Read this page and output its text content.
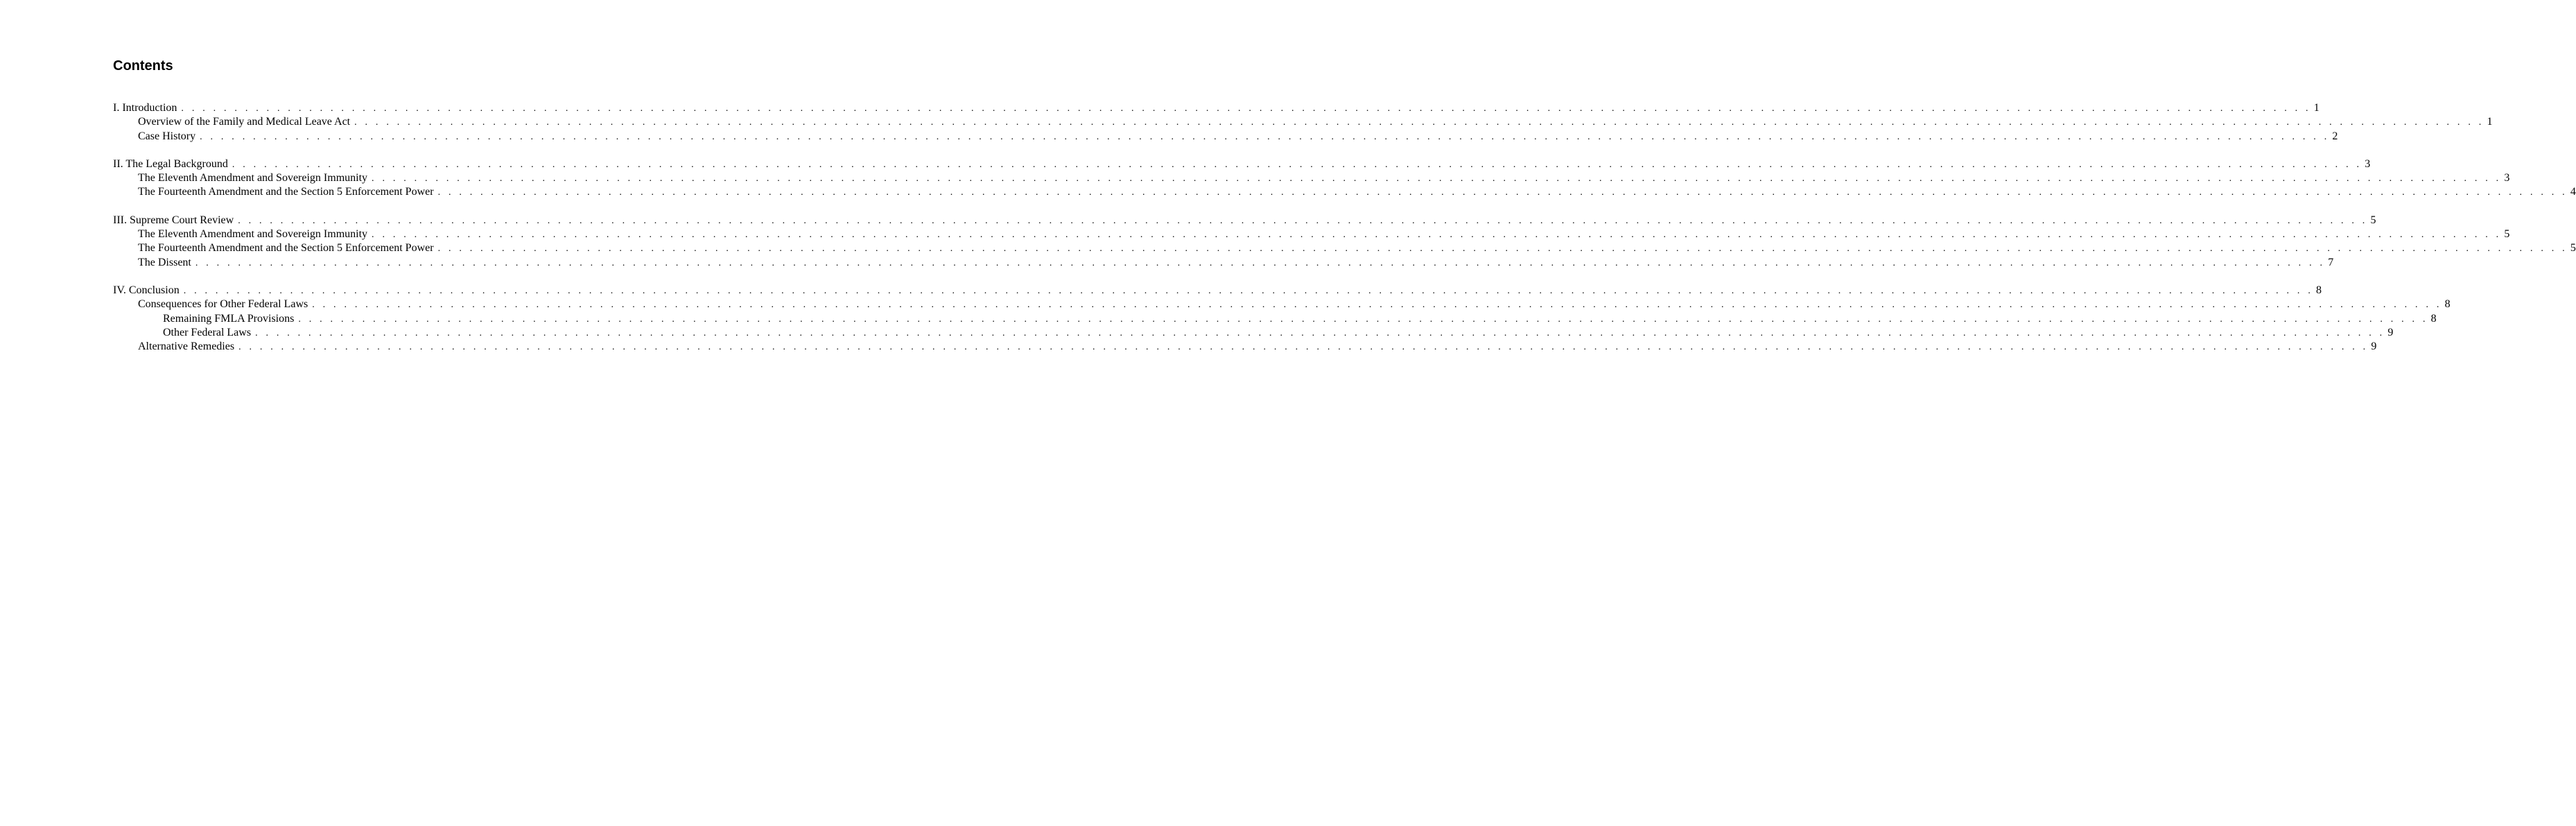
Contents
I. Introduction . . . . . . . . . . . . . . . . . . . . . . . . . . . . . . . . . . . . . . . . . . . . . . . . . . . . . . . . . . . . . . . . . . . . . . . . . . . . . . . . . . . . . . . . . . . . . . . . . . . . . . . . . . . . . . . . . . . . . . . . . . . . . . . . . . . . . . . . . . . . . . . . . . . . . . . . . . . . . . . . . . . . . . . . . . . . . . . . . . . . . . . . . . . . . . . . . . . . . . . . 1
Overview of the Family and Medical Leave Act . . . . . . . . . . . . . . . . . . . . . . . . . . . . . . . . . . . . . . . . . . . . . . . . . . . . . . . . . . . . . . . . . . . . . . . . . . . . . . . . . . . . . . . . . . . . . . . . . . . . . . . . . . . . . . . . . . . . . . . . . . . . . . . . . . . . . . . . . . . . . . . . . . . . . . . . . . . . . . . . . . . . . . . . . . . . . . . . . . . . . . . . . . . . . . . . . . . . . . . . 1
Case History . . . . . . . . . . . . . . . . . . . . . . . . . . . . . . . . . . . . . . . . . . . . . . . . . . . . . . . . . . . . . . . . . . . . . . . . . . . . . . . . . . . . . . . . . . . . . . . . . . . . . . . . . . . . . . . . . . . . . . . . . . . . . . . . . . . . . . . . . . . . . . . . . . . . . . . . . . . . . . . . . . . . . . . . . . . . . . . . . . . . . . . . . . . . . . . . . . . . . . . . 2
II. The Legal Background . . . . . . . . . . . . . . . . . . . . . . . . . . . . . . . . . . . . . . . . . . . . . . . . . . . . . . . . . . . . . . . . . . . . . . . . . . . . . . . . . . . . . . . . . . . . . . . . . . . . . . . . . . . . . . . . . . . . . . . . . . . . . . . . . . . . . . . . . . . . . . . . . . . . . . . . . . . . . . . . . . . . . . . . . . . . . . . . . . . . . . . . . . . . . . . . . . . . . . . . 3
The Eleventh Amendment and Sovereign Immunity . . . . . . . . . . . . . . . . . . . . . . . . . . . . . . . . . . . . . . . . . . . . . . . . . . . . . . . . . . . . . . . . . . . . . . . . . . . . . . . . . . . . . . . . . . . . . . . . . . . . . . . . . . . . . . . . . . . . . . . . . . . . . . . . . . . . . . . . . . . . . . . . . . . . . . . . . . . . . . . . . . . . . . . . . . . . . . . . . . . . . . . . . . . . . . . . . . . . . . . . 3
The Fourteenth Amendment and the Section 5 Enforcement Power . . . . . . . . . . . . . . . . . . . . . . . . . . . . . . . . . . . . . . . . . . . . . . . . . . . . . . . . . . . . . . . . . . . . . . . . . . . . . . . . . . . . . . . . . . . . . . . . . . . . . . . . . . . . . . . . . . . . . . . . . . . . . . . . . . . . . . . . . . . . . . . . . . . . . . . . . . . . . . . . . . . . . . . . . . . . . . . . . . . . . . . . . . . . . . . . . . . . . . . . 4
III. Supreme Court Review . . . . . . . . . . . . . . . . . . . . . . . . . . . . . . . . . . . . . . . . . . . . . . . . . . . . . . . . . . . . . . . . . . . . . . . . . . . . . . . . . . . . . . . . . . . . . . . . . . . . . . . . . . . . . . . . . . . . . . . . . . . . . . . . . . . . . . . . . . . . . . . . . . . . . . . . . . . . . . . . . . . . . . . . . . . . . . . . . . . . . . . . . . . . . . . . . . . . . . . . 5
The Eleventh Amendment and Sovereign Immunity . . . . . . . . . . . . . . . . . . . . . . . . . . . . . . . . . . . . . . . . . . . . . . . . . . . . . . . . . . . . . . . . . . . . . . . . . . . . . . . . . . . . . . . . . . . . . . . . . . . . . . . . . . . . . . . . . . . . . . . . . . . . . . . . . . . . . . . . . . . . . . . . . . . . . . . . . . . . . . . . . . . . . . . . . . . . . . . . . . . . . . . . . . . . . . . . . . . . . . . . 5
The Fourteenth Amendment and the Section 5 Enforcement Power . . . . . . . . . . . . . . . . . . . . . . . . . . . . . . . . . . . . . . . . . . . . . . . . . . . . . . . . . . . . . . . . . . . . . . . . . . . . . . . . . . . . . . . . . . . . . . . . . . . . . . . . . . . . . . . . . . . . . . . . . . . . . . . . . . . . . . . . . . . . . . . . . . . . . . . . . . . . . . . . . . . . . . . . . . . . . . . . . . . . . . . . . . . . . . . . . . . . . . . . 5
The Dissent . . . . . . . . . . . . . . . . . . . . . . . . . . . . . . . . . . . . . . . . . . . . . . . . . . . . . . . . . . . . . . . . . . . . . . . . . . . . . . . . . . . . . . . . . . . . . . . . . . . . . . . . . . . . . . . . . . . . . . . . . . . . . . . . . . . . . . . . . . . . . . . . . . . . . . . . . . . . . . . . . . . . . . . . . . . . . . . . . . . . . . . . . . . . . . . . . . . . . . . . 7
IV. Conclusion . . . . . . . . . . . . . . . . . . . . . . . . . . . . . . . . . . . . . . . . . . . . . . . . . . . . . . . . . . . . . . . . . . . . . . . . . . . . . . . . . . . . . . . . . . . . . . . . . . . . . . . . . . . . . . . . . . . . . . . . . . . . . . . . . . . . . . . . . . . . . . . . . . . . . . . . . . . . . . . . . . . . . . . . . . . . . . . . . . . . . . . . . . . . . . . . . . . . . . . . 8
Consequences for Other Federal Laws . . . . . . . . . . . . . . . . . . . . . . . . . . . . . . . . . . . . . . . . . . . . . . . . . . . . . . . . . . . . . . . . . . . . . . . . . . . . . . . . . . . . . . . . . . . . . . . . . . . . . . . . . . . . . . . . . . . . . . . . . . . . . . . . . . . . . . . . . . . . . . . . . . . . . . . . . . . . . . . . . . . . . . . . . . . . . . . . . . . . . . . . . . . . . . . . . . . . . . . . 8
Remaining FMLA Provisions . . . . . . . . . . . . . . . . . . . . . . . . . . . . . . . . . . . . . . . . . . . . . . . . . . . . . . . . . . . . . . . . . . . . . . . . . . . . . . . . . . . . . . . . . . . . . . . . . . . . . . . . . . . . . . . . . . . . . . . . . . . . . . . . . . . . . . . . . . . . . . . . . . . . . . . . . . . . . . . . . . . . . . . . . . . . . . . . . . . . . . . . . . . . . . . . . . . . . . . . 8
Other Federal Laws . . . . . . . . . . . . . . . . . . . . . . . . . . . . . . . . . . . . . . . . . . . . . . . . . . . . . . . . . . . . . . . . . . . . . . . . . . . . . . . . . . . . . . . . . . . . . . . . . . . . . . . . . . . . . . . . . . . . . . . . . . . . . . . . . . . . . . . . . . . . . . . . . . . . . . . . . . . . . . . . . . . . . . . . . . . . . . . . . . . . . . . . . . . . . . . . . . . . . . . . 9
Alternative Remedies . . . . . . . . . . . . . . . . . . . . . . . . . . . . . . . . . . . . . . . . . . . . . . . . . . . . . . . . . . . . . . . . . . . . . . . . . . . . . . . . . . . . . . . . . . . . . . . . . . . . . . . . . . . . . . . . . . . . . . . . . . . . . . . . . . . . . . . . . . . . . . . . . . . . . . . . . . . . . . . . . . . . . . . . . . . . . . . . . . . . . . . . . . . . . . . . . . . . . . . . 9
